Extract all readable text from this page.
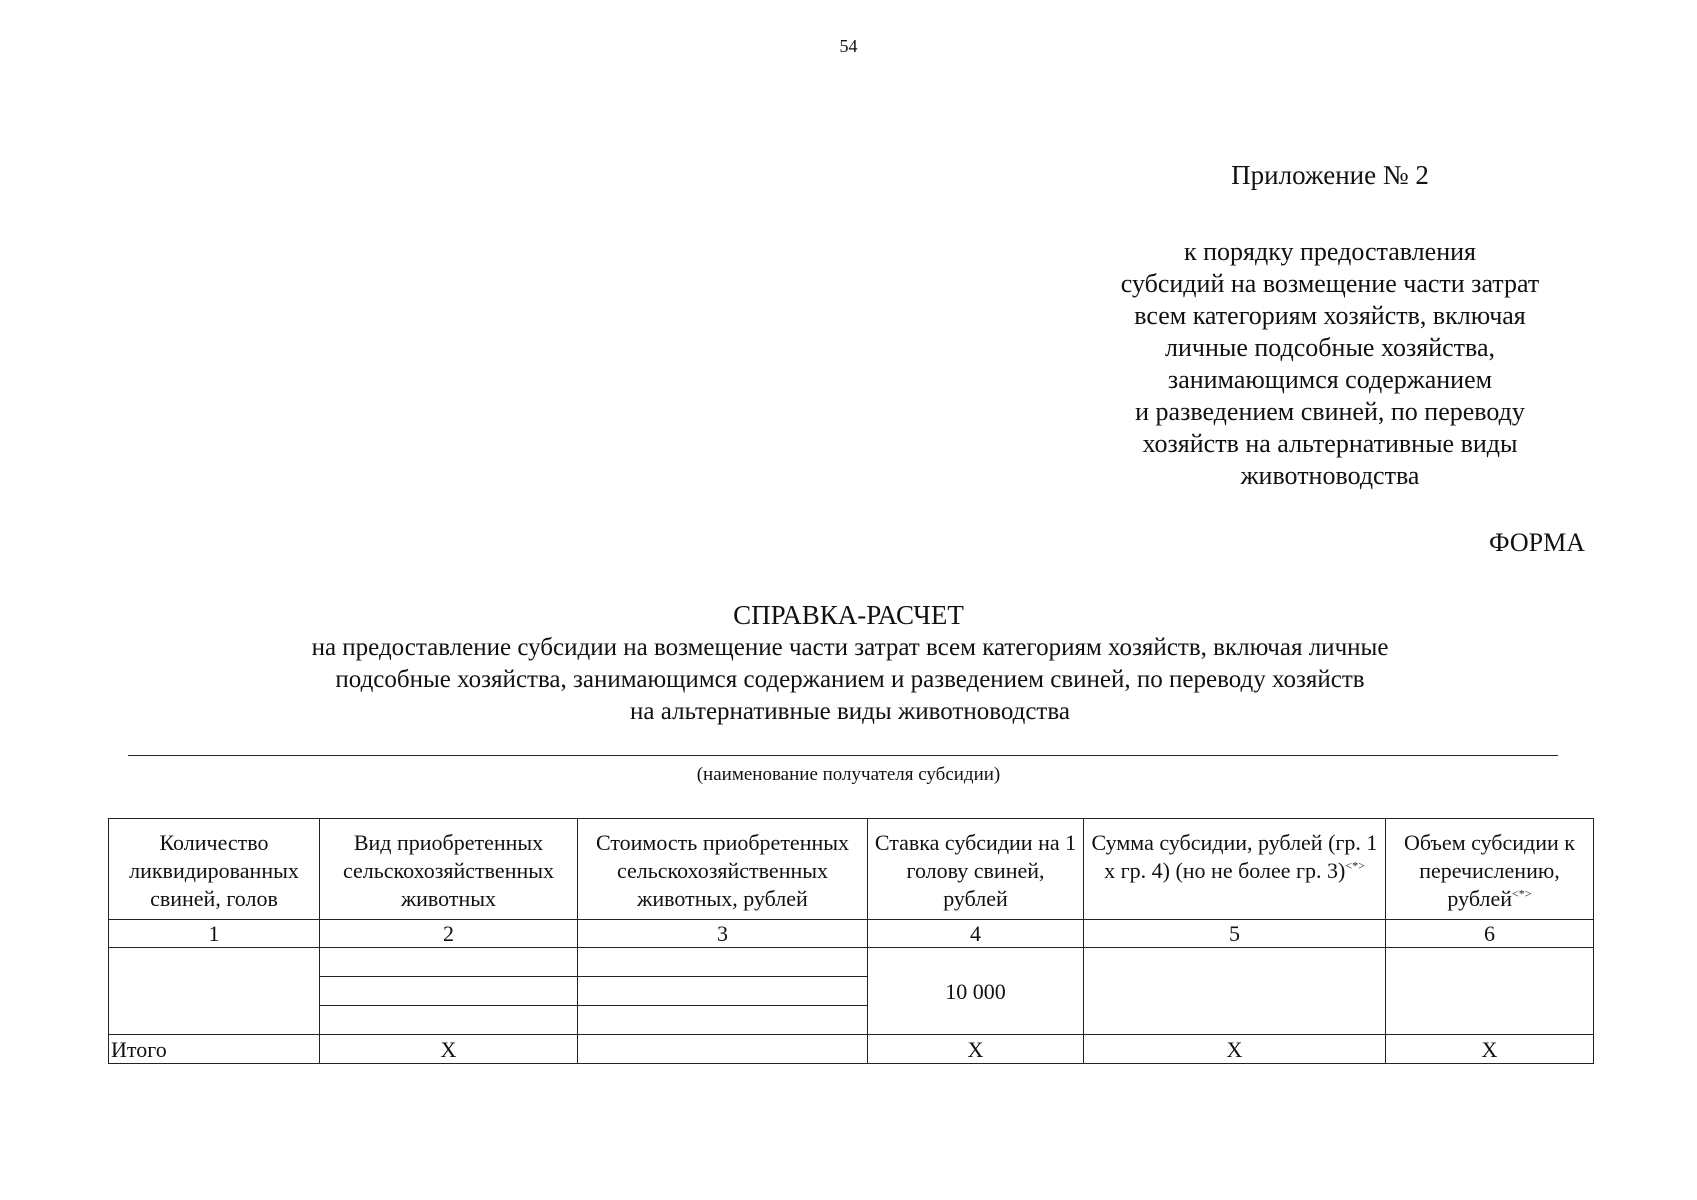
54
Приложение № 2
к порядку предоставления
субсидий на возмещение части затрат
всем категориям хозяйств, включая
личные подсобные хозяйства,
занимающимся содержанием
и разведением свиней, по переводу
хозяйств на альтернативные виды
животноводства
ФОРМА
СПРАВКА-РАСЧЕТ
на предоставление субсидии на возмещение части затрат всем категориям хозяйств, включая личные
подсобные хозяйства, занимающимся содержанием и разведением свиней, по переводу хозяйств
на альтернативные виды животноводства
(наименование получателя субсидии)
Количество ликвидированных свиней, голов	Вид приобретенных сельскохозяйственных животных	Стоимость приобретенных сельскохозяйственных животных, рублей	Ставка субсидии на 1 голову свиней, рублей	Сумма субсидии, рублей (гр. 1 х гр. 4) (но не более гр. 3)<*>	Объем субсидии к перечислению, рублей<*>
1	2	3	4	5	6
			10 000		

Итого	X		X	X	X
